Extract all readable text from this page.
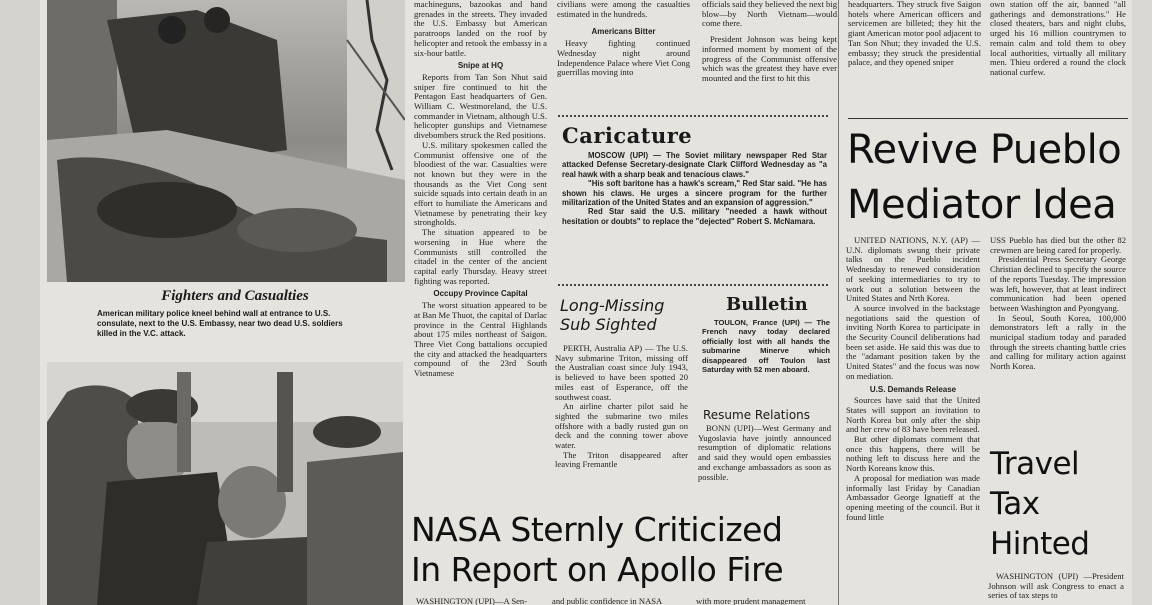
Fighters and Casualties
American military police kneel behind wall at entrance to U.S. consulate, next to the U.S. Embassy, near two dead U.S. soldiers killed in the V.C. attack.

machineguns, bazookas and hand grenades in the streets. They invaded the U.S. Embassy but American paratroops landed on the roof by helicopter and retook the embassy in a six-hour battle.

Snipe at HQ

Reports from Tan Son Nhut said sniper fire continued to hit the Pentagon East headquarters of Gen. William C. Westmoreland, the U.S. commander in Vietnam, although U.S. helicopter gunships and Vietnamese divebombers struck the Red positions.

U.S. military spokesmen called the Communist offensive one of the bloodiest of the war. Casualties were not known but they were in the thousands as the Viet Cong sent suicide squads into certain death in an effort to humiliate the Americans and Vietnamese by penetrating their key strongholds.

The situation appeared to be worsening in Hue where the Communists still controlled the citadel in the center of the ancient capital early Thursday. Heavy street fighting was reported.

Occupy Province Capital

The worst situation appeared to be at Ban Me Thuot, the capital of Darlac province in the Central Highlands about 175 miles northeast of Saigon. Three Viet Cong battalions occupied the city and attacked the headquarters compound of the 23rd South Vietnamese

civilians were among the casualties estimated in the hundreds.

Americans Bitter

Heavy fighting continued Wednesday night around Independence Palace where Viet Cong guerrillas moving into

officials said they believed the next big blow—by North Vietnam—would come there.

President Johnson was being kept informed moment by moment of the progress of the Communist offensive which was the greatest they have ever mounted and the first to hit this

Caricature

MOSCOW (UPI) — The Soviet military newspaper Red Star attacked Defense Secretary-designate Clark Clifford Wednesday as "a real hawk with a sharp beak and tenacious claws."

"His soft baritone has a hawk's scream," Red Star said. "He has shown his claws. He urges a sincere program for the further militarization of the United States and an expansion of aggression."

Red Star said the U.S. military "needed a hawk without hesitation or doubts" to replace the "dejected" Robert S. McNamara.

Long-Missing Sub Sighted

PERTH, Australia AP) — The U.S. Navy submarine Triton, missing off the Australian coast since July 1943, is believed to have been spotted 20 miles east of Esperance, off the southwest coast.

An airline charter pilot said he sighted the submarine two miles offshore with a badly rusted gun on deck and the conning tower above water.

The Triton disappeared after leaving Fremantle

Bulletin

TOULON, France (UPI) — The French navy today declared officially lost with all hands the submarine Minerve which disappeared off Toulon last Saturday with 52 men aboard.

Resume Relations

BONN (UPI)—West Germany and Yugoslavia have jointly announced resumption of diplomatic relations and said they would open embassies and exchange ambassadors as soon as possible.

NASA Sternly Criticized
In Report on Apollo Fire
WASHINGTON (UPI)—A Sen-	and public confidence in NASA	with more prudent management
headquarters. They struck five Saigon hotels where American officers and servicemen are billeted; they hit the giant American motor pool adjacent to Tan Son Nhut; they invaded the U.S. embassy; they struck the presidential palace, and they opened sniper
own station off the air, banned "all gatherings and demonstrations." He closed theaters, bars and night clubs, urged his 16 million countrymen to remain calm and told them to obey local authorities, virtually all military men. Thieu ordered a round the clock national curfew.
Revive Pueblo
Mediator Idea

UNITED NATIONS, N.Y. (AP) — U.N. diplomats swung their private talks on the Pueblo incident Wednesday to renewed consideration of seeking intermediaries to try to work out a solution between the United States and Nrth Korea.

A source involved in the backstage negotiations said the question of inviting North Korea to participate in the Security Council deliberations had been set aside. He said this was due to the "adamant position taken by the United States" and the focus was now on mediation.

U.S. Demands Release

Sources have said that the United States will support an invitation to North Korea but only after the ship and her crew of 83 have been released.

But other diplomats comment that once this happens, there will be nothing left to discuss here and the North Koreans know this.

A proposal for mediation was made informally last Friday by Canadian Ambassador George Ignatieff at the opening meeting of the council. But it found little

USS Pueblo has died but the other 82 crewmen are being cared for properly.

Presidential Press Secretary George Christian declined to specify the source of the reports Tuesday. The impression was left, however, that at least indirect communication had been opened between Washington and Pyongyang.

In Seoul, South Korea, 100,000 demonstrators left a rally in the municipal stadium today and paraded through the streets chanting battle cries and calling for military action against North Korea.

Travel
Tax
Hinted

WASHINGTON (UPI) —President Johnson will ask Congress to enact a series of tax steps to
